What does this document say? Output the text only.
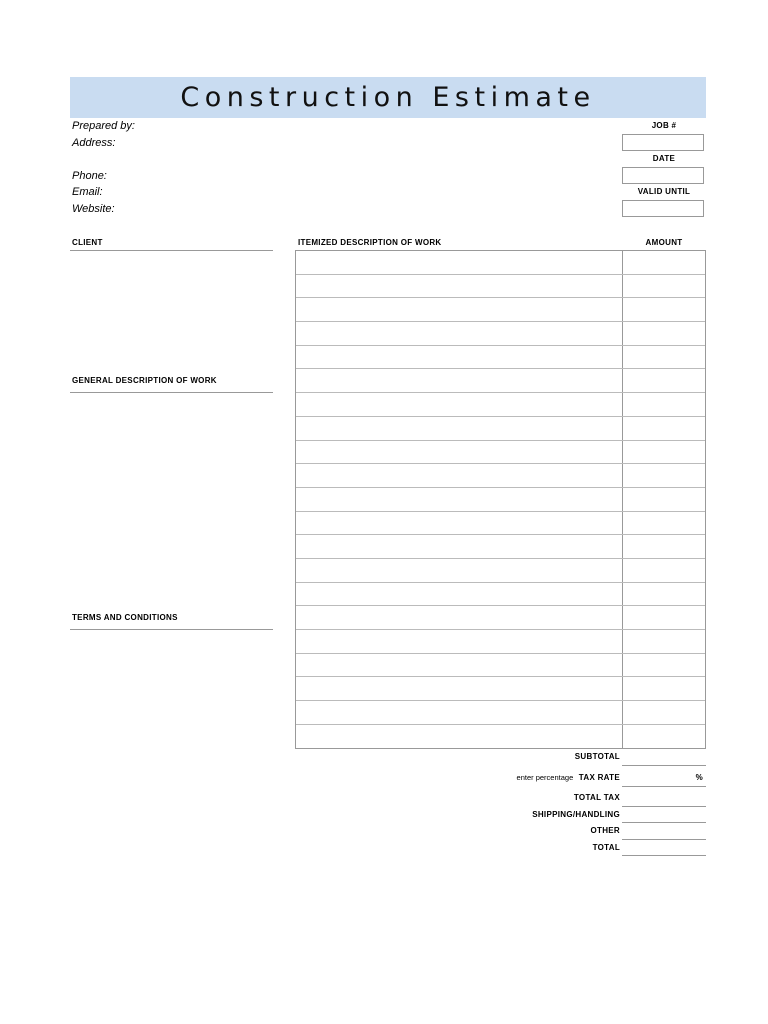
Construction Estimate
Prepared by:
Address:
Phone:
Email:
Website:
JOB #
DATE
VALID UNTIL
CLIENT
GENERAL DESCRIPTION OF WORK
TERMS AND CONDITIONS
ITEMIZED DESCRIPTION OF WORK	AMOUNT
SUBTOTAL
enter percentage TAX RATE	%
TOTAL TAX
SHIPPING/HANDLING
OTHER
TOTAL
